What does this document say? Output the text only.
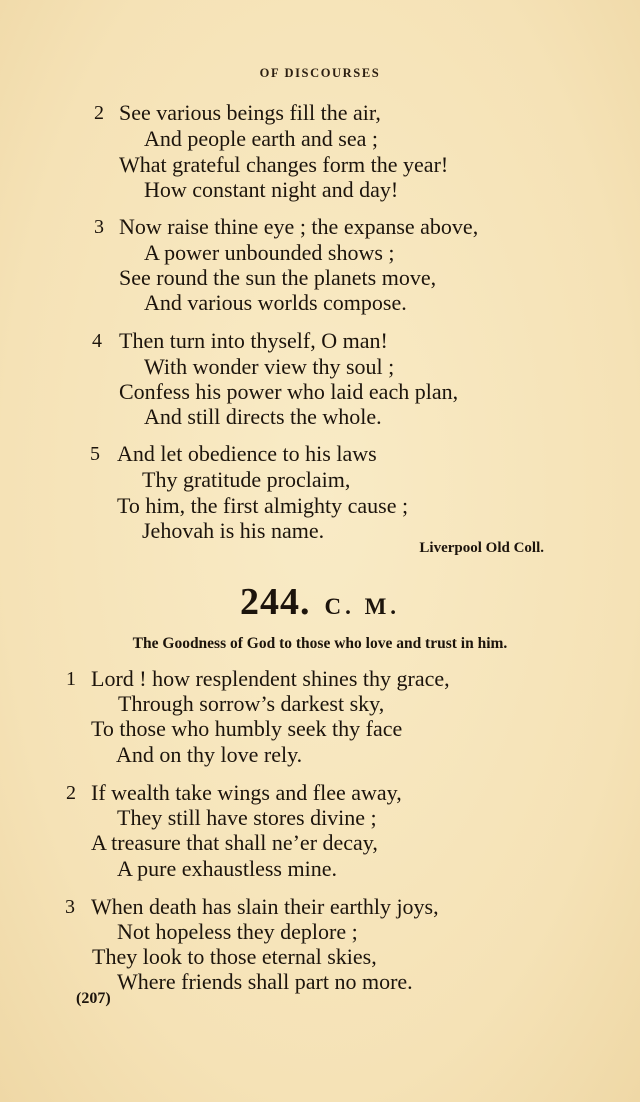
OF DISCOURSES
2 See various beings fill the air,
And people earth and sea ;
What grateful changes form the year!
How constant night and day!
3 Now raise thine eye ; the expanse above,
A power unbounded shows ;
See round the sun the planets move,
And various worlds compose.
4 Then turn into thyself, O man!
With wonder view thy soul ;
Confess his power who laid each plan,
And still directs the whole.
5 And let obedience to his laws
Thy gratitude proclaim,
To him, the first almighty cause ;
Jehovah is his name.
Liverpool Old Coll.
244. C. M.
The Goodness of God to those who love and trust in him.
1 Lord ! how resplendent shines thy grace,
Through sorrow’s darkest sky,
To those who humbly seek thy face
And on thy love rely.
2 If wealth take wings and flee away,
They still have stores divine ;
A treasure that shall ne’er decay,
A pure exhaustless mine.
3 When death has slain their earthly joys,
Not hopeless they deplore ;
They look to those eternal skies,
Where friends shall part no more.
(207)
